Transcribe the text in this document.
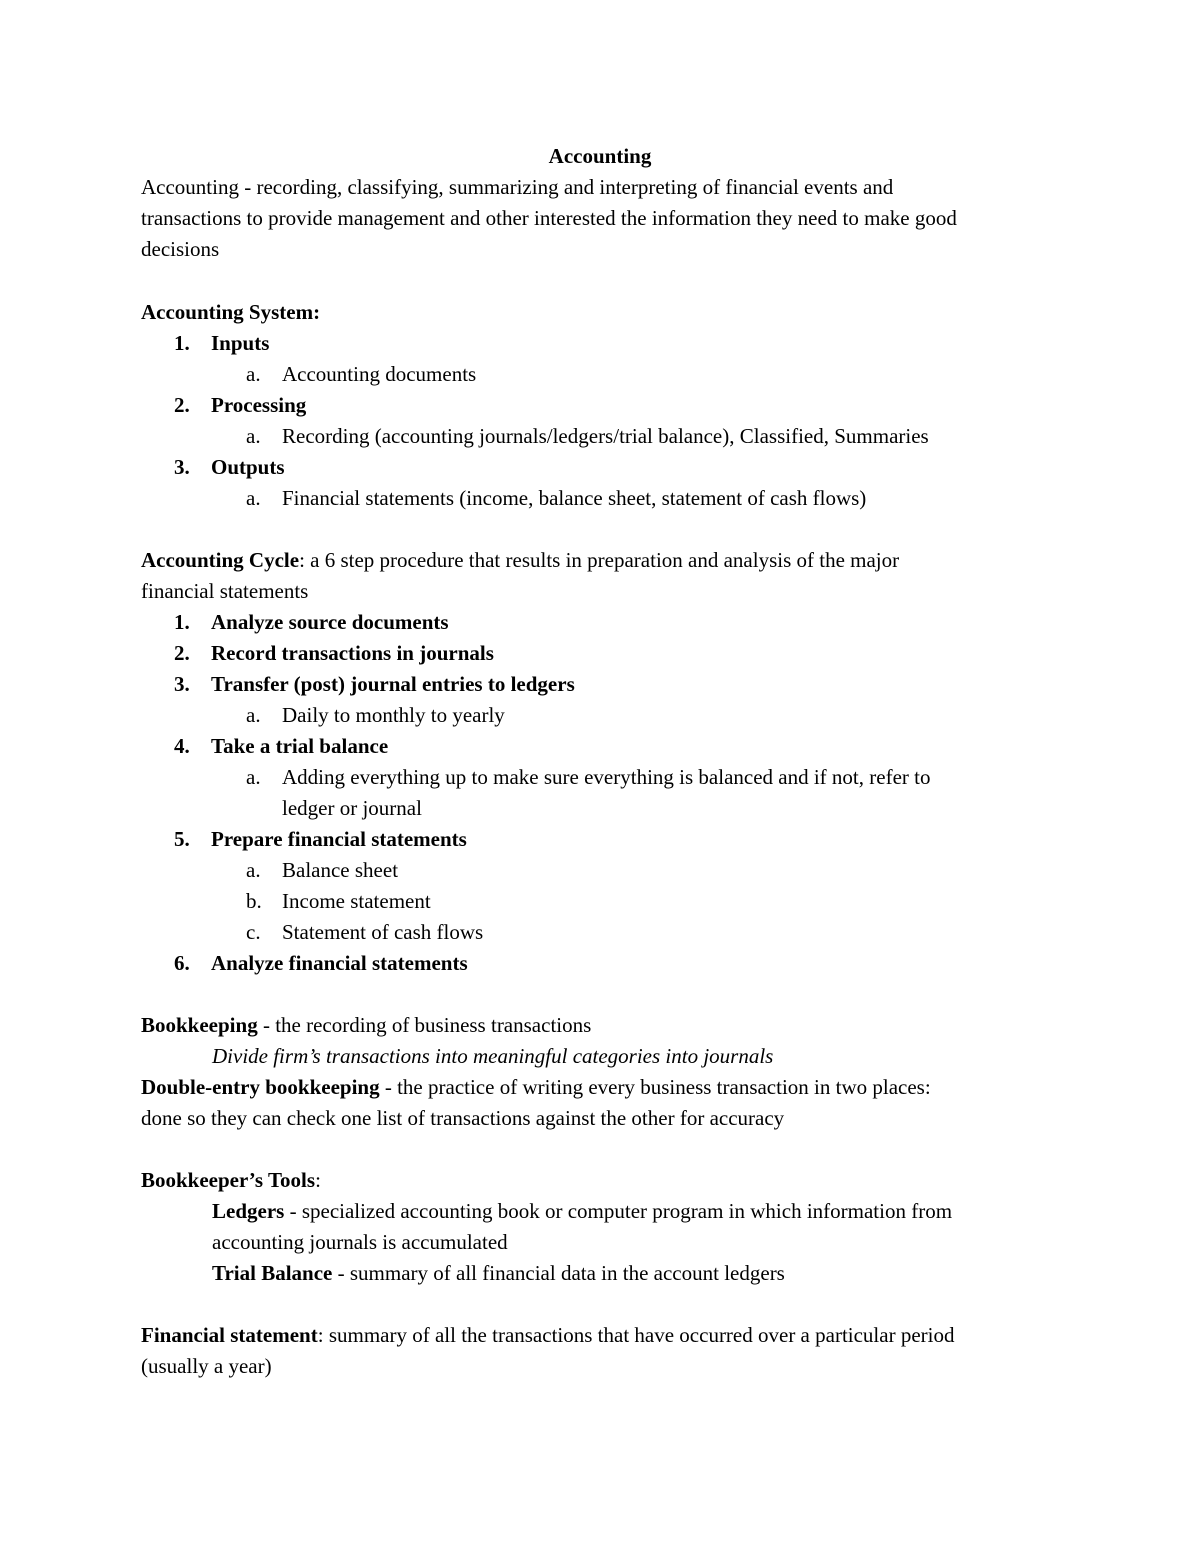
Accounting
Accounting - recording, classifying, summarizing and interpreting of financial events and
transactions to provide management and other interested the information they need to make good
decisions
Accounting System:
1. Inputs
a. Accounting documents
2. Processing
a. Recording (accounting journals/ledgers/trial balance), Classified, Summaries
3. Outputs
a. Financial statements (income, balance sheet, statement of cash flows)
Accounting Cycle: a 6 step procedure that results in preparation and analysis of the major
financial statements
1. Analyze source documents
2. Record transactions in journals
3. Transfer (post) journal entries to ledgers
a. Daily to monthly to yearly
4. Take a trial balance
a. Adding everything up to make sure everything is balanced and if not, refer to
ledger or journal
5. Prepare financial statements
a. Balance sheet
b. Income statement
c. Statement of cash flows
6. Analyze financial statements
Bookkeeping - the recording of business transactions
Divide firm’s transactions into meaningful categories into journals
Double-entry bookkeeping - the practice of writing every business transaction in two places:
done so they can check one list of transactions against the other for accuracy
Bookkeeper’s Tools:
Ledgers - specialized accounting book or computer program in which information from
accounting journals is accumulated
Trial Balance - summary of all financial data in the account ledgers
Financial statement: summary of all the transactions that have occurred over a particular period
(usually a year)
